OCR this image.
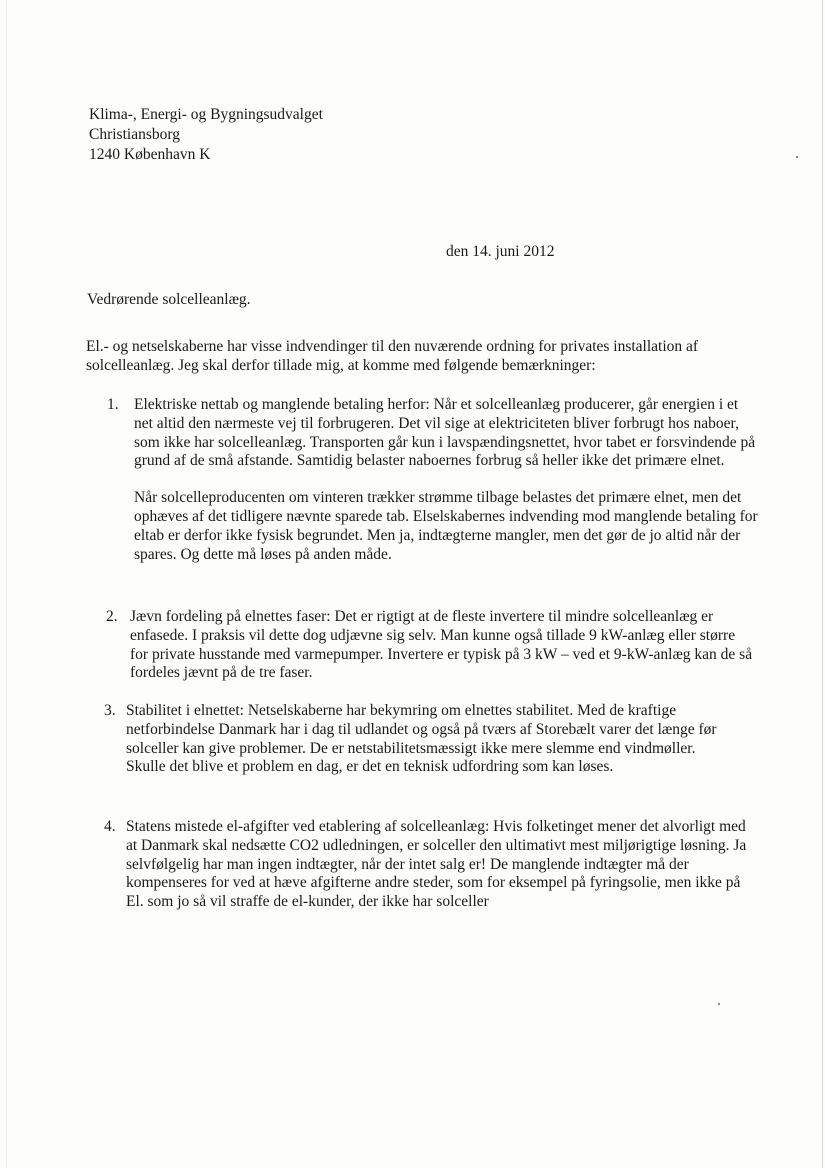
Klima-, Energi- og Bygningsudvalget
Christiansborg
1240 København K
den 14. juni 2012
Vedrørende solcelleanlæg.
El.- og netselskaberne har visse indvendinger til den nuværende ordning for privates installation af solcelleanlæg. Jeg skal derfor tillade mig, at komme med følgende bemærkninger:
1. Elektriske nettab og manglende betaling herfor: Når et solcelleanlæg producerer, går energien i et net altid den nærmeste vej til forbrugeren. Det vil sige at elektriciteten bliver forbrugt hos naboer, som ikke har solcelleanlæg. Transporten går kun i lavspændingsnettet, hvor tabet er forsvindende på grund af de små afstande. Samtidig belaster naboernes forbrug så heller ikke det primære elnet.

Når solcelleproducenten om vinteren trækker strømme tilbage belastes det primære elnet, men det ophæves af det tidligere nævnte sparede tab. Elselskabernes indvending mod manglende betaling for eltab er derfor ikke fysisk begrundet. Men ja, indtægterne mangler, men det gør de jo altid når der spares. Og dette må løses på anden måde.

2. Jævn fordeling på elnettes faser: Det er rigtigt at de fleste invertere til mindre solcelleanlæg er enfasede. I praksis vil dette dog udjævne sig selv. Man kunne også tillade 9 kW-anlæg eller større for private husstande med varmepumper. Invertere er typisk på 3 kW – ved et 9-kW-anlæg kan de så fordeles jævnt på de tre faser.

3. Stabilitet i elnettet: Netselskaberne har bekymring om elnettes stabilitet. Med de kraftige netforbindelse Danmark har i dag til udlandet og også på tværs af Storebælt varer det længe før solceller kan give problemer. De er netstabilitetsmæssigt ikke mere slemme end vindmøller.

Skulle det blive et problem en dag, er det en teknisk udfordring som kan løses.

4. Statens mistede el-afgifter ved etablering af solcelleanlæg: Hvis folketinget mener det alvorligt med at Danmark skal nedsætte CO2 udledningen, er solceller den ultimativt mest miljørigtige løsning. Ja selvfølgelig har man ingen indtægter, når der intet salg er! De manglende indtægter må der kompenseres for ved at hæve afgifterne andre steder, som for eksempel på fyringsolie, men ikke på El. som jo så vil straffe de el-kunder, der ikke har solceller
